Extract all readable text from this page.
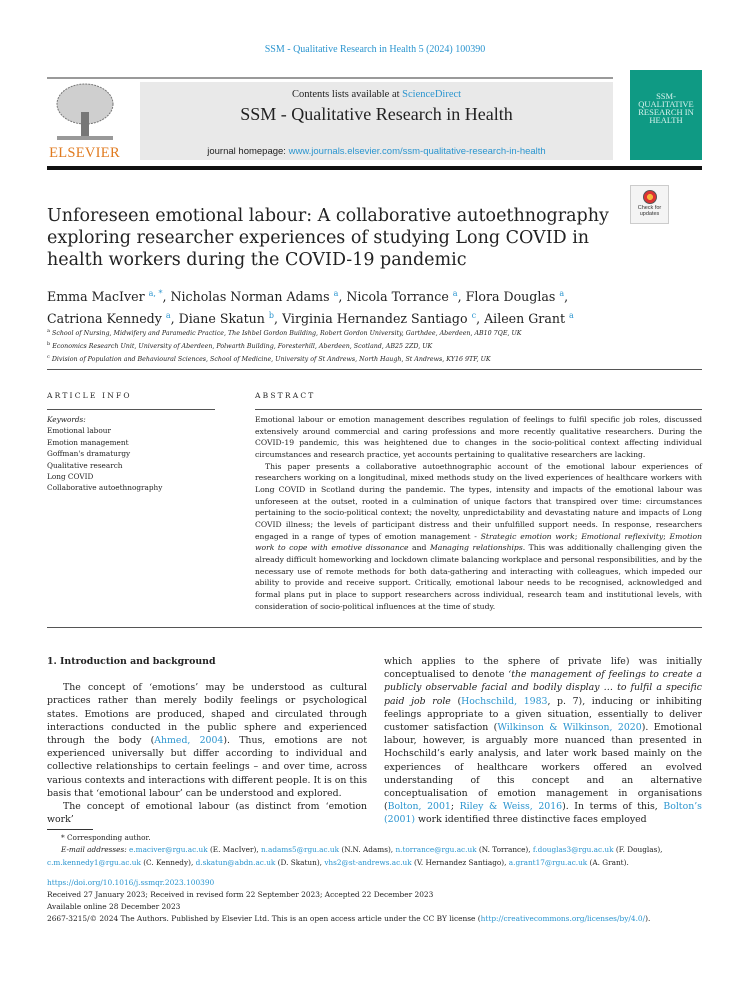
SSM - Qualitative Research in Health 5 (2024) 100390
ELSEVIER
Contents lists available at ScienceDirect
SSM - Qualitative Research in Health
journal homepage: www.journals.elsevier.com/ssm-qualitative-research-in-health
SSM- QUALITATIVE RESEARCH IN HEALTH
Unforeseen emotional labour: A collaborative autoethnography exploring researcher experiences of studying Long COVID in health workers during the COVID-19 pandemic
Check for updates
Emma MacIver $^{a, *}$, Nicholas Norman Adams $^a$, Nicola Torrance $^a$, Flora Douglas $^a$,
Catriona Kennedy $^a$, Diane Skatun $^b$, Virginia Hernandez Santiago $^c$, Aileen Grant $^a$
$^a$ School of Nursing, Midwifery and Paramedic Practice, The Ishbel Gordon Building, Robert Gordon University, Garthdee, Aberdeen, AB10 7QE, UK
$^b$ Economics Research Unit, University of Aberdeen, Polwarth Building, Foresterhill, Aberdeen, Scotland, AB25 2ZD, UK
$^c$ Division of Population and Behavioural Sciences, School of Medicine, University of St Andrews, North Haugh, St Andrews, KY16 9TF, UK
ARTICLE INFO	ABSTRACT
Keywords:
Emotional labour
Emotion management
Goffman's dramaturgy
Qualitative research
Long COVID
Collaborative autoethnography

Emotional labour or emotion management describes regulation of feelings to fulfil specific job roles, discussed extensively around commercial and caring professions and more recently qualitative researchers. During the COVID-19 pandemic, this was heightened due to changes in the socio-political context affecting individual circumstances and research practice, yet accounts pertaining to qualitative researchers are lacking.

This paper presents a collaborative autoethnographic account of the emotional labour experiences of researchers working on a longitudinal, mixed methods study on the lived experiences of healthcare workers with Long COVID in Scotland during the pandemic. The types, intensity and impacts of the emotional labour was unforeseen at the outset, rooted in a culmination of unique factors that transpired over time: circumstances pertaining to the socio-political context; the novelty, unpredictability and devastating nature and impacts of Long COVID illness; the levels of participant distress and their unfulfilled support needs. In response, researchers engaged in a range of types of emotion management - Strategic emotion work; Emotional reflexivity; Emotion work to cope with emotive dissonance and Managing relationships. This was additionally challenging given the already difficult homeworking and lockdown climate balancing workplace and personal responsibilities, and by the necessary use of remote methods for both data-gathering and interacting with colleagues, which impeded our ability to provide and receive support. Critically, emotional labour needs to be recognised, acknowledged and formal plans put in place to support researchers across individual, research team and institutional levels, with consideration of socio-political influences at the time of study.

1. Introduction and background

The concept of ‘emotions’ may be understood as cultural practices rather than merely bodily feelings or psychological states. Emotions are produced, shaped and circulated through interactions conducted in the public sphere and experienced through the body (Ahmed, 2004). Thus, emotions are not experienced universally but differ according to individual and collective relationships to certain feelings – and over time, across various contexts and interactions with different people. It is on this basis that ‘emotional labour’ can be understood and explored.

The concept of emotional labour (as distinct from ‘emotion work’

which applies to the sphere of private life) was initially conceptualised to denote ‘the management of feelings to create a publicly observable facial and bodily display … to fulfil a specific paid job role (Hochschild, 1983, p. 7), inducing or inhibiting feelings appropriate to a given situation, essentially to deliver customer satisfaction (Wilkinson & Wilkinson, 2020). Emotional labour, however, is arguably more nuanced than presented in Hochschild’s early analysis, and later work based mainly on the experiences of healthcare workers offered an evolved understanding of this concept and an alternative conceptualisation of emotion management in organisations (Bolton, 2001; Riley & Weiss, 2016). In terms of this, Bolton’s (2001) work identified three distinctive faces employed

* Corresponding author.
E-mail addresses: e.maciver@rgu.ac.uk (E. MacIver), n.adams5@rgu.ac.uk (N.N. Adams), n.torrance@rgu.ac.uk (N. Torrance), f.douglas3@rgu.ac.uk (F. Douglas), c.m.kennedy1@rgu.ac.uk (C. Kennedy), d.skatun@abdn.ac.uk (D. Skatun), vhs2@st-andrews.ac.uk (V. Hernandez Santiago), a.grant17@rgu.ac.uk (A. Grant).
https://doi.org/10.1016/j.ssmqr.2023.100390
Received 27 January 2023; Received in revised form 22 September 2023; Accepted 22 December 2023
Available online 28 December 2023
2667-3215/© 2024 The Authors. Published by Elsevier Ltd. This is an open access article under the CC BY license (http://creativecommons.org/licenses/by/4.0/).
